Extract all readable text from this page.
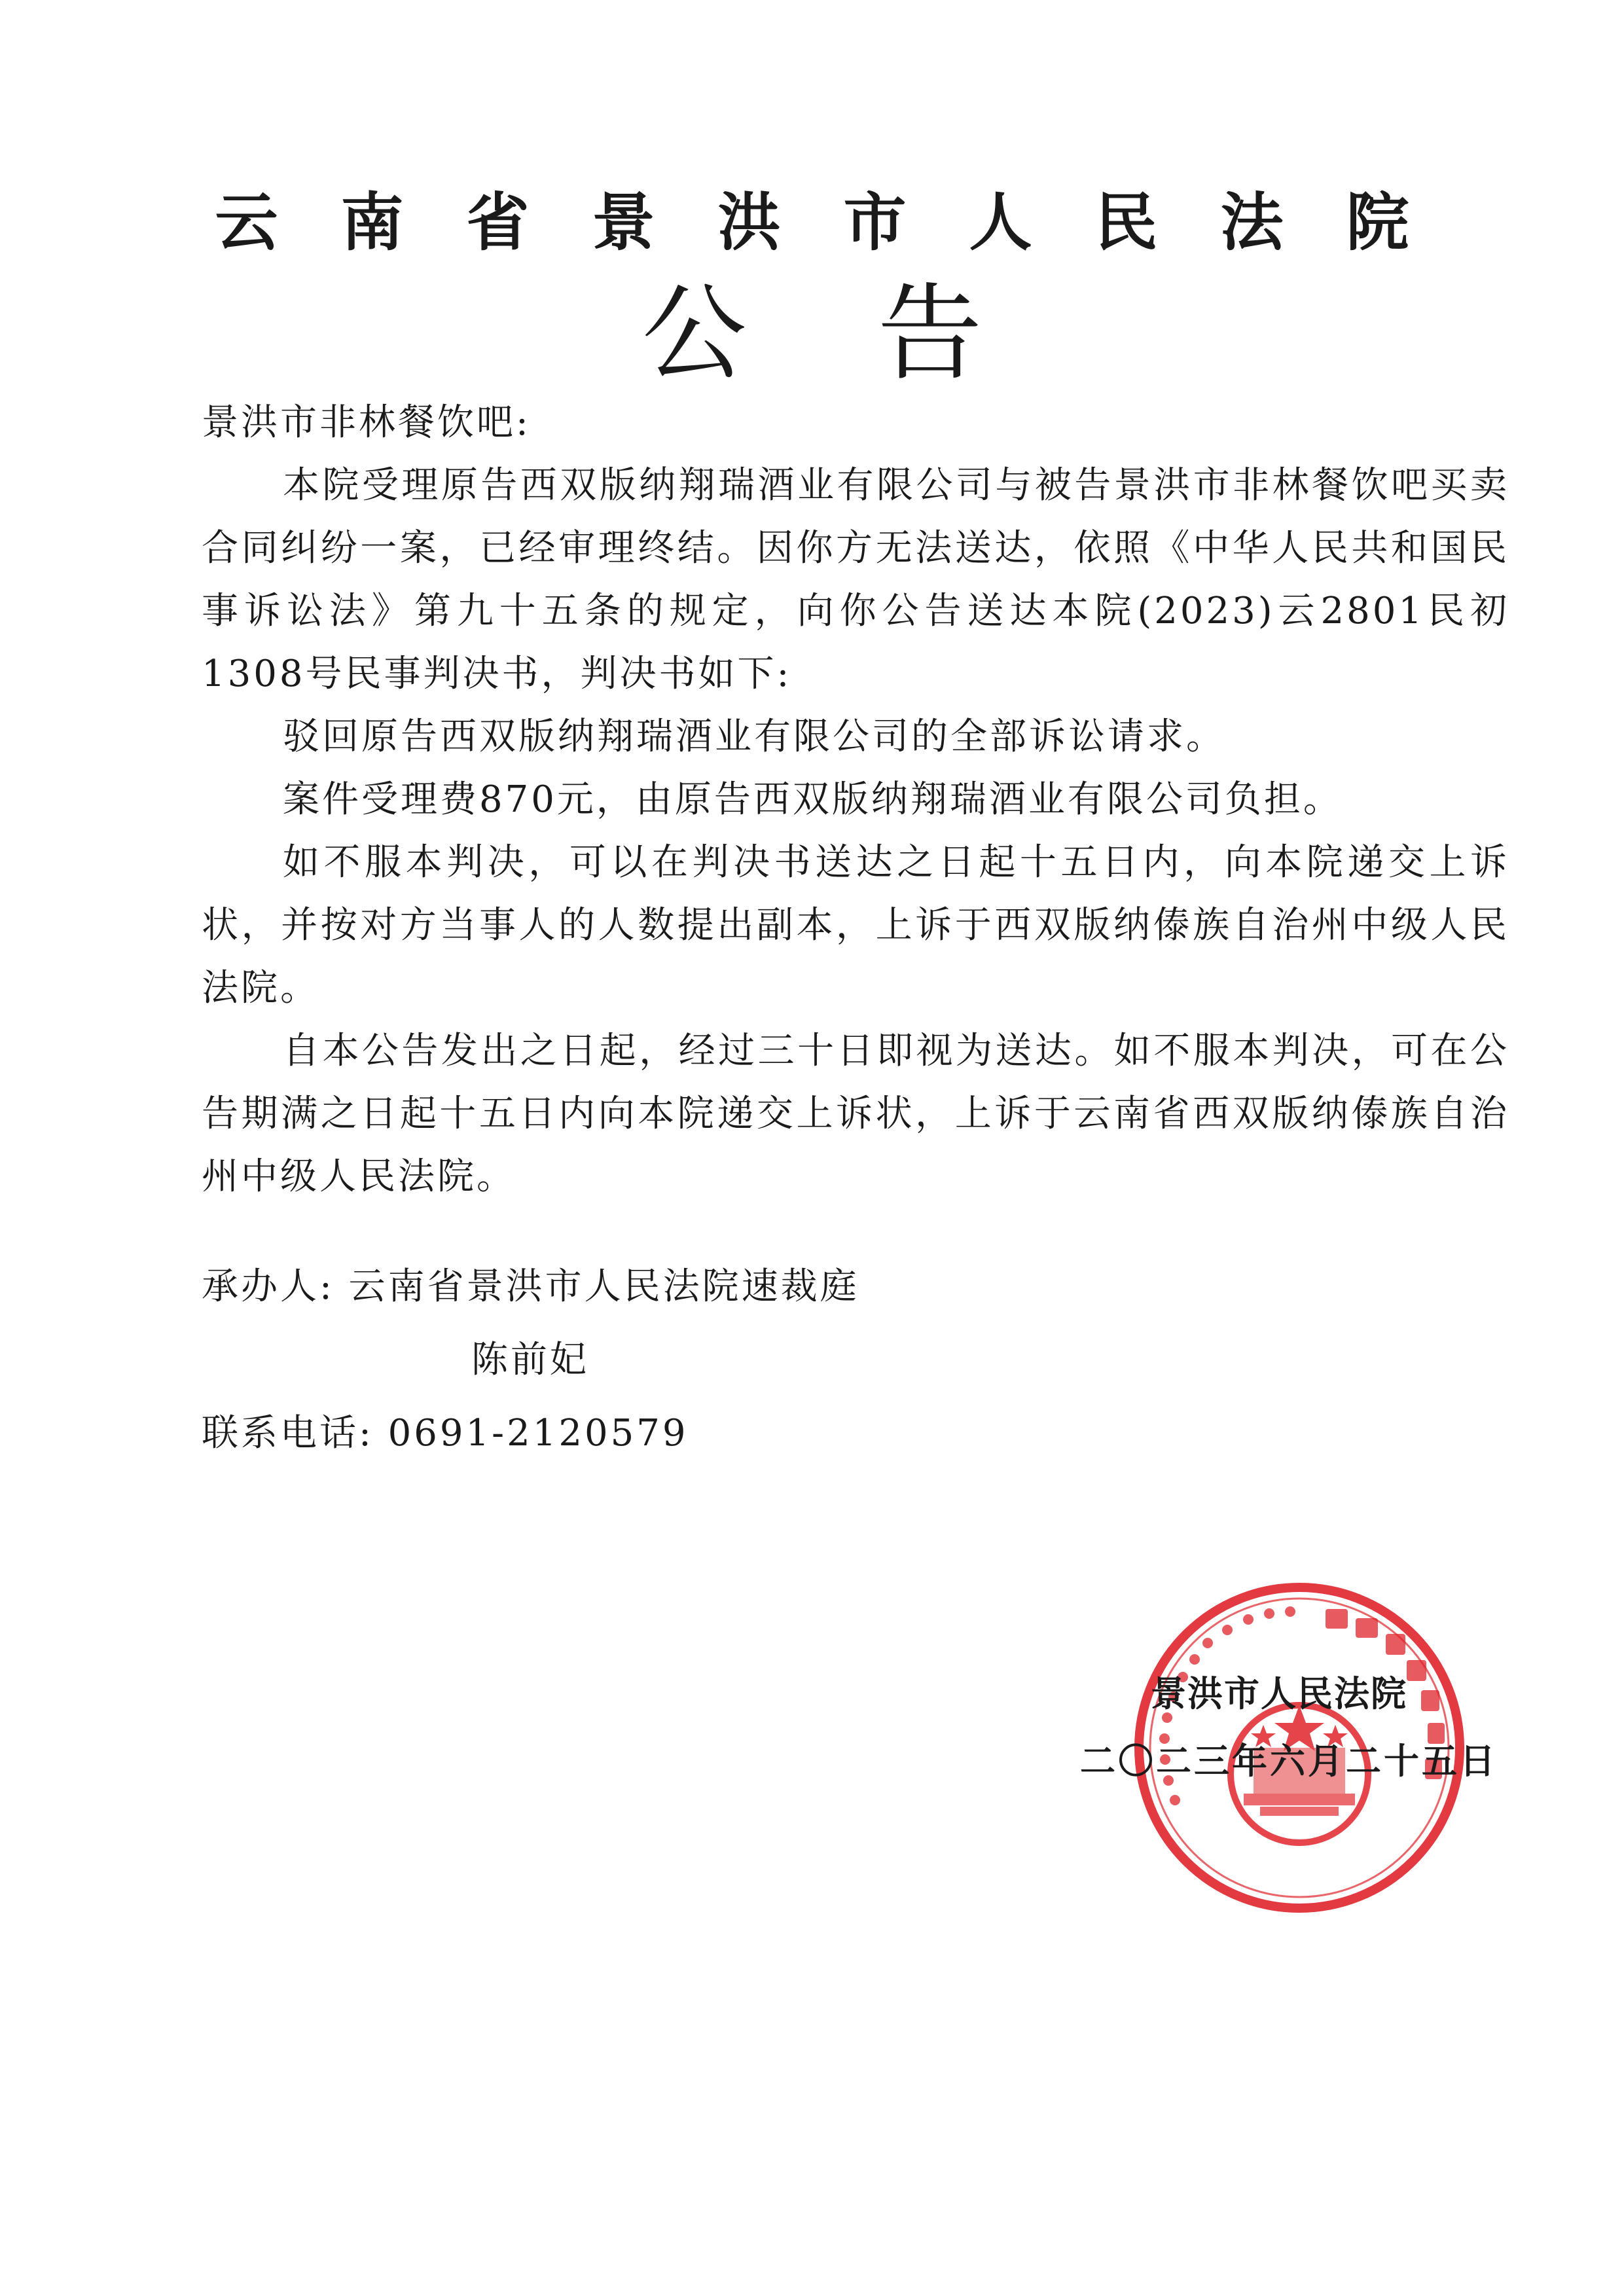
云南省景洪市人民法院
公告

景洪市非林餐饮吧:

本院受理原告西双版纳翔瑞酒业有限公司与被告景洪市非林餐饮吧买卖合同纠纷一案，已经审理终结。因你方无法送达，依照《中华人民共和国民事诉讼法》第九十五条的规定，向你公告送达本院(2023)云2801民初1308号民事判决书，判决书如下:

驳回原告西双版纳翔瑞酒业有限公司的全部诉讼请求。

案件受理费870元，由原告西双版纳翔瑞酒业有限公司负担。

如不服本判决，可以在判决书送达之日起十五日内，向本院递交上诉状，并按对方当事人的人数提出副本，上诉于西双版纳傣族自治州中级人民法院。

自本公告发出之日起，经过三十日即视为送达。如不服本判决，可在公告期满之日起十五日内向本院递交上诉状，上诉于云南省西双版纳傣族自治州中级人民法院。

承办人: 云南省景洪市人民法院速裁庭
陈前妃
联系电话: 0691-2120579
景洪市人民法院
二〇二三年六月二十五日
